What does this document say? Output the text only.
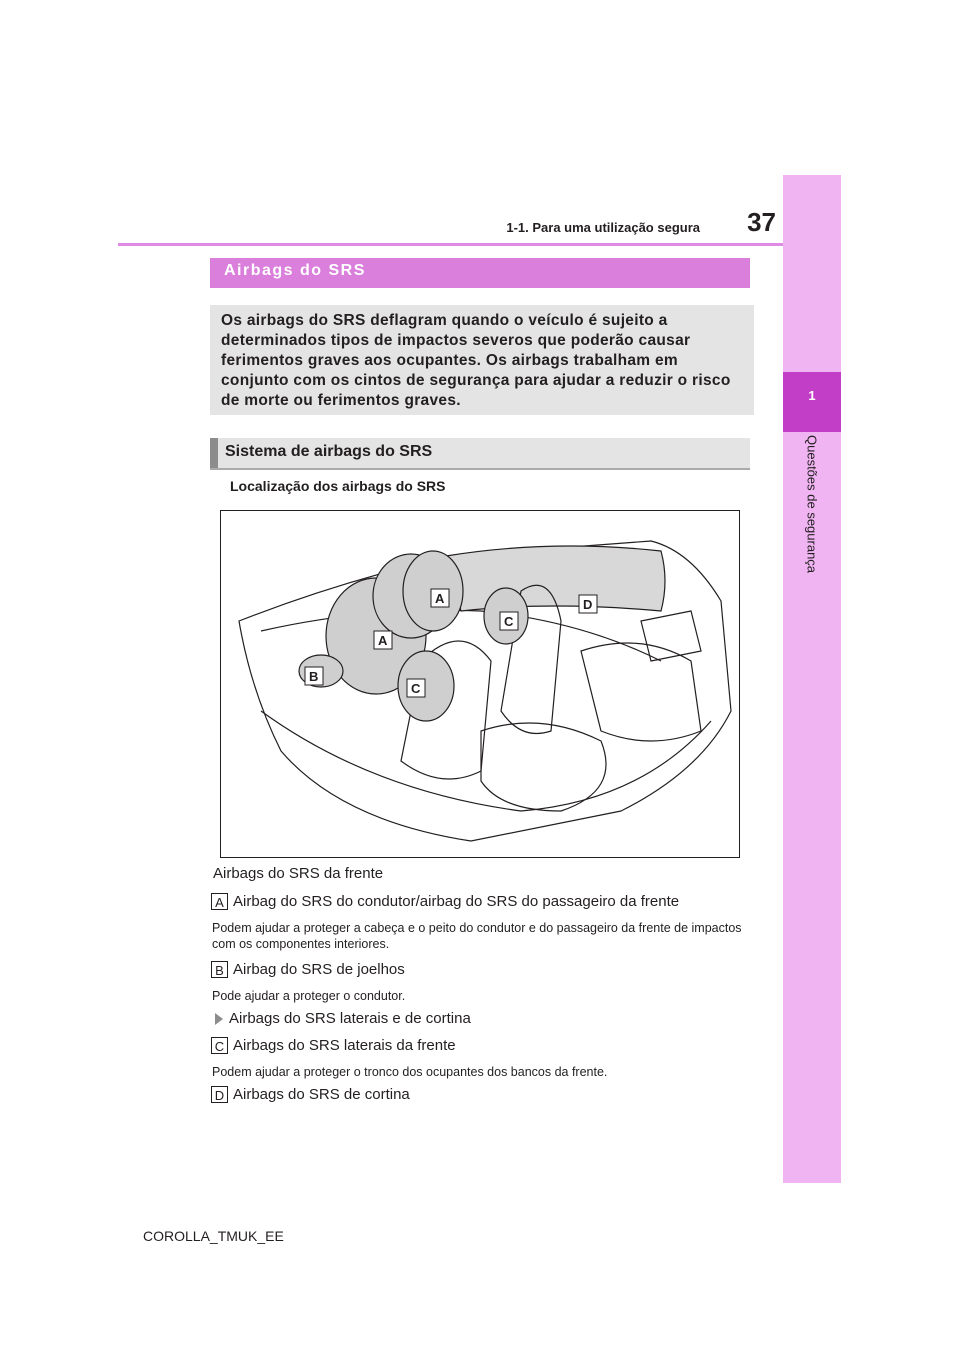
1
Questões de segurança
37
1-1. Para uma utilização segura
Airbags do SRS
Os airbags do SRS deflagram quando o veículo é sujeito a determinados tipos de impactos severos que poderão causar ferimentos graves aos ocupantes. Os airbags trabalham em conjunto com os cintos de segurança para ajudar a reduzir o risco de morte ou ferimentos graves.
Sistema de airbags do SRS
Localização dos airbags do SRS
A
A
B
C
C
D
Airbags do SRS da frente
A Airbag do SRS do condutor/airbag do SRS do passageiro da frente
Podem ajudar a proteger a cabeça e o peito do condutor e do passageiro da frente de impactos com os componentes interiores.
B Airbag do SRS de joelhos
Pode ajudar a proteger o condutor.
Airbags do SRS laterais e de cortina
C Airbags do SRS laterais da frente
Podem ajudar a proteger o tronco dos ocupantes dos bancos da frente.
D Airbags do SRS de cortina
COROLLA_TMUK_EE
